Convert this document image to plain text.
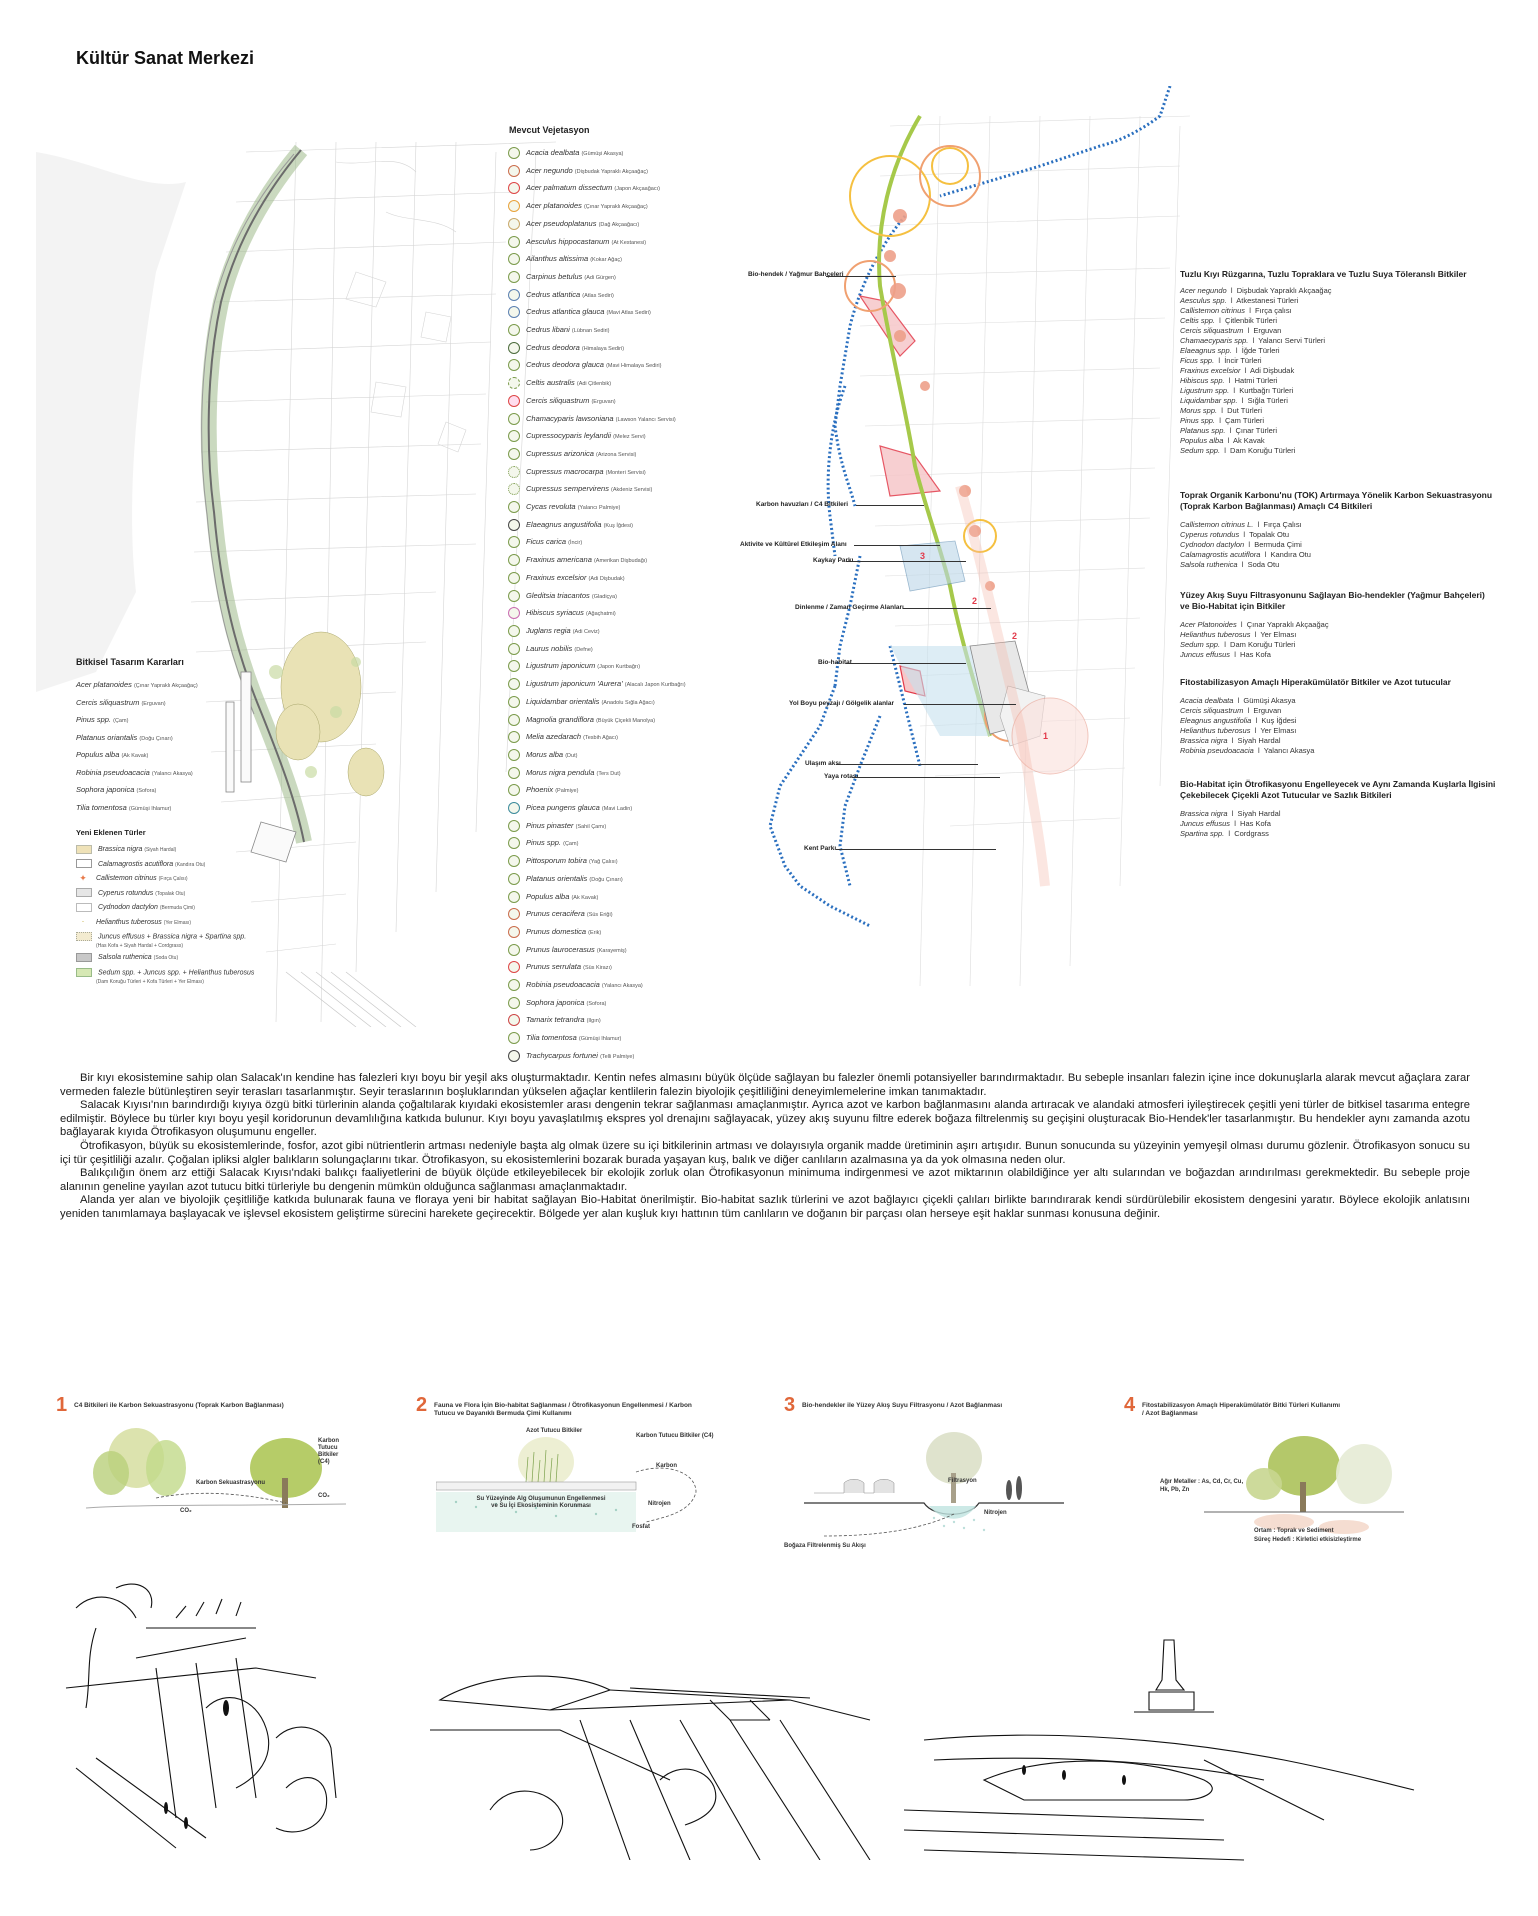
Kültür Sanat Merkezi
Mevcut Vejetasyon
Acacia dealbata (Gümüşi Akasya)
Acer negundo (Dişbudak Yapraklı Akçaağaç)
Acer palmatum dissectum (Japon Akçaağacı)
Acer platanoides (Çınar Yapraklı Akçaağaç)
Acer pseudoplatanus (Dağ Akçaağacı)
Aesculus hippocastanum (At Kestanesi)
Ailanthus altissima (Kokar Ağaç)
Carpinus betulus (Adi Gürgen)
Cedrus atlantica (Atlas Sediri)
Cedrus atlantica glauca (Mavi Atlas Sediri)
Cedrus libani (Lübnan Sediri)
Cedrus deodora (Himalaya Sediri)
Cedrus deodora glauca (Mavi Himalaya Sediri)
Celtis australis (Adi Çitlenbik)
Cercis siliquastrum (Erguvan)
Chamacyparis lawsoniana (Lawson Yalancı Servisi)
Cupressocyparis leylandii (Melez Servi)
Cupressus arizonica (Arizona Servisi)
Cupressus macrocarpa (Monteri Servisi)
Cupressus sempervirens (Akdeniz Servisi)
Cycas revoluta (Yalancı Palmiye)
Elaeagnus angustifolia (Kuş İğdesi)
Ficus carica (İncir)
Fraxinus americana (Amerikan Dişbudağı)
Fraxinus excelsior (Adi Dişbudak)
Gleditsia triacantos (Gladiçya)
Hibiscus syriacus (Ağaçhatmi)
Juglans regia (Adi Ceviz)
Laurus nobilis (Defne)
Ligustrum japonicum (Japon Kurtbağrı)
Ligustrum japonicum 'Aurera' (Alacalı Japon Kurtbağrı)
Liquidambar orientalis (Anadolu Sığla Ağacı)
Magnolia grandiflora (Büyük Çiçekli Manolya)
Melia azedarach (Tesbih Ağacı)
Morus alba (Dut)
Morus nigra pendula (Ters Dut)
Phoenix (Palmiye)
Picea pungens glauca (Mavi Ladin)
Pinus pinaster (Sahil Çamı)
Pinus spp. (Çam)
Pittosporum tobira (Yağ Çalısı)
Platanus orientalis (Doğu Çınarı)
Populus alba (Ak Kavak)
Prunus ceracifera (Süs Eriği)
Prunus domestica (Erik)
Prunus laurocerasus (Karayemiş)
Prunus serrulata (Süs Kirazı)
Robinia pseudoacacia (Yalancı Akasya)
Sophora japonica (Sofora)
Tamarix tetrandra (Ilgın)
Tilia tomentosa (Gümüşi Ihlamur)
Trachycarpus fortunei (Telli Palmiye)
Bitkisel Tasarım Kararları
Acer platanoides (Çınar Yapraklı Akçaağaç)
Cercis siliquastrum (Erguvan)
Pinus spp. (Çam)
Platanus oriantalis (Doğu Çınarı)
Populus alba (Ak Kavak)
Robinia pseudoacacia (Yalancı Akasya)
Sophora japonica (Sofora)
Tilia tomentosa (Gümüşi Ihlamur)
Yeni Eklenen Türler
Brassica nigra (Siyah Hardal)
Calamagrostis acutiflora (Kandıra Otu)
✦ Callistemon citrinus (Fırça Çalısı)
Cyperus rotundus (Topalak Otu)
Cydnodon dactylon (Bermuda Çimi)
· Helianthus tuberosus (Yer Elması)
Juncus effusus + Brassica nigra + Spartina spp.
(Has Kofa + Siyah Hardal + Cordgrass)
Salsola ruthenica (Soda Otu)
Sedum spp. + Juncus spp. + Helianthus tuberosus
(Dam Koruğu Türleri + Kofa Türleri + Yer Elması)
1
2
3
2
Bio-hendek / Yağmur Bahçeleri
Karbon havuzları / C4 Bitkileri
Aktivite ve Kültürel Etkileşim Alanı
Kaykay Parkı
Dinlenme / Zaman Geçirme Alanları
Bio-habitat
Yol Boyu peyzajı / Gölgelik alanlar
Ulaşım aksı
Yaya rotası
Kent Parkı
Tuzlu Kıyı Rüzgarına, Tuzlu Topraklara ve Tuzlu Suya Töleranslı Bitkiler
Acer negundo  l  Dişbudak Yapraklı Akçaağaç
Aesculus spp.  l  Atkestanesi Türleri
Callistemon citrinus  l  Fırça çalısı
Celtis spp.  l  Çitlenbik Türleri
Cercis siliquastrum  l  Erguvan
Chamaecyparis spp.  l  Yalancı Servi Türleri
Elaeagnus spp.  l  İğde Türleri
Ficus spp.  l  İncir Türleri
Fraxinus excelsior  l  Adi Dişbudak
Hibiscus spp.  l  Hatmi Türleri
Ligustrum spp.  l  Kurtbağrı Türleri
Liquidambar spp.  l  Sığla Türleri
Morus spp.  l  Dut Türleri
Pinus spp.  l  Çam Türleri
Platanus spp.  l  Çınar Türleri
Populus alba  l  Ak Kavak
Sedum spp.  l  Dam Koruğu Türleri
Toprak Organik Karbonu'nu (TOK) Artırmaya Yönelik Karbon Sekuastrasyonu (Toprak Karbon Bağlanması) Amaçlı C4 Bitkileri
Callistemon citrinus L.  l  Fırça Çalısı
Cyperus rotundus  l  Topalak Otu
Cydnodon dactylon  l  Bermuda Çimi
Calamagrostis acutiflora  l  Kandıra Otu
Salsola ruthenica  l  Soda Otu
Yüzey Akış Suyu Filtrasyonunu Sağlayan Bio-hendekler (Yağmur Bahçeleri) ve Bio-Habitat için Bitkiler
Acer Platonoides  l  Çınar Yapraklı Akçaağaç
Helianthus tuberosus  l  Yer Elması
Sedum spp.  l  Dam Koruğu Türleri
Juncus effusus  l  Has Kofa
Fitostabilizasyon Amaçlı Hiperakümülatör Bitkiler ve Azot tutucular
Acacia dealbata  l  Gümüşi Akasya
Cercis siliquastrum  l  Erguvan
Eleagnus angustifolia  l  Kuş İğdesi
Helianthus tuberosus  l  Yer Elması
Brassica nigra  l  Siyah Hardal
Robinia pseudoacacia  l  Yalancı Akasya
Bio-Habitat için Ötrofikasyonu Engelleyecek ve Aynı Zamanda Kuşlarla İlgisini Çekebilecek Çiçekli Azot Tutucular ve Sazlık Bitkileri
Brassica nigra  l  Siyah Hardal
Juncus effusus  l  Has Kofa
Spartina spp.  l  Cordgrass

Bir kıyı ekosistemine sahip olan Salacak'ın kendine has falezleri kıyı boyu bir yeşil aks oluşturmaktadır. Kentin nefes almasını büyük ölçüde sağlayan bu falezler önemli potansiyeller barındırmaktadır. Bu sebeple insanları falezin içine ince dokunuşlarla alarak mevcut ağaçlara zarar vermeden falezle bütünleştiren seyir terasları tasarlanmıştır. Seyir teraslarının boşluklarından yükselen ağaçlar kentlilerin falezin biyolojik çeşitliliğini deneyimlemelerine imkan tanımaktadır.

Salacak Kıyısı'nın barındırdığı kıyıya özgü bitki türlerinin alanda çoğaltılarak kıyıdaki ekosistemler arası dengenin tekrar sağlanması amaçlanmıştır. Ayrıca azot ve karbon bağlanmasını alanda artıracak ve alandaki atmosferi iyileştirecek çeşitli yeni türler de bitkisel tasarıma entegre edilmiştir. Böylece bu türler kıyı boyu yeşil koridorunun devamlılığına katkıda bulunur. Kıyı boyu yavaşlatılmış ekspres yol drenajını sağlayacak, yüzey akış suyunu filtre ederek boğaza filtrelenmiş su geçişini oluşturacak Bio-Hendek'ler tasarlanmıştır. Bu hendekler aynı zamanda azotu bağlayarak kıyıda Ötrofikasyon oluşumunu engeller.

Ötrofikasyon, büyük su ekosistemlerinde, fosfor, azot gibi nütrientlerin artması nedeniyle başta alg olmak üzere su içi bitkilerinin artması ve dolayısıyla organik madde üretiminin aşırı artışıdır. Bunun sonucunda su yüzeyinin yemyeşil olması durumu gözlenir. Ötrofikasyon sonucu su içi tür çeşitliliği azalır. Çoğalan ipliksi algler balıkların solungaçlarını tıkar. Ötrofikasyon, su ekosistemlerini bozarak burada yaşayan kuş, balık ve diğer canlıların azalmasına ya da yok olmasına neden olur.

Balıkçılığın önem arz ettiği Salacak Kıyısı'ndaki balıkçı faaliyetlerini de büyük ölçüde etkileyebilecek bir ekolojik zorluk olan Ötrofikasyonun minimuma indirgenmesi ve azot miktarının olabildiğince yer altı sularından ve boğazdan arındırılması gerekmektedir. Bu sebeple proje alanının geneline yayılan azot tutucu bitki türleriyle bu dengenin mümkün olduğunca sağlanması amaçlanmaktadır.

Alanda yer alan ve biyolojik çeşitliliğe katkıda bulunarak fauna ve floraya yeni bir habitat sağlayan Bio-Habitat önerilmiştir. Bio-habitat sazlık türlerini ve azot bağlayıcı çiçekli çalıları birlikte barındırarak kendi sürdürülebilir ekosistem dengesini yaratır. Böylece ekolojik anlatısını yeniden tanımlamaya başlayacak ve işlevsel ekosistem geliştirme sürecini harekete geçirecektir. Bölgede yer alan kuşluk kıyı hattının tüm canlıların ve doğanın bir parçası olan herseye eşit haklar sunması konusuna değinir.

1 C4 Bitkileri ile Karbon Sekuastrasyonu (Toprak Karbon Bağlanması)
Karbon Tutucu Bitkiler (C4)
Karbon Sekuastrasyonu
CO₂
CO₂
2 Fauna ve Flora İçin Bio-habitat Sağlanması / Ötrofikasyonun Engellenmesi / Karbon Tutucu ve Dayanıklı Bermuda Çimi Kullanımı
Azot Tutucu Bitkiler
Karbon Tutucu Bitkiler (C4)
Karbon
Su Yüzeyinde Alg Oluşumunun Engellenmesi ve Su İçi Ekosisteminin Korunması	Nitrojen
Fosfat
3 Bio-hendekler ile Yüzey Akış Suyu Filtrasyonu / Azot Bağlanması
Filtrasyon
Nitrojen
Boğaza Filtrelenmiş Su Akışı
4 Fitostabilizasyon Amaçlı Hiperakümülatör Bitki Türleri Kullanımı / Azot Bağlanması
Ağır Metaller : As, Cd, Cr, Cu, Hk, Pb, Zn
Ortam : Toprak ve Sediment
Süreç Hedefi : Kirletici etkisizleştirme
